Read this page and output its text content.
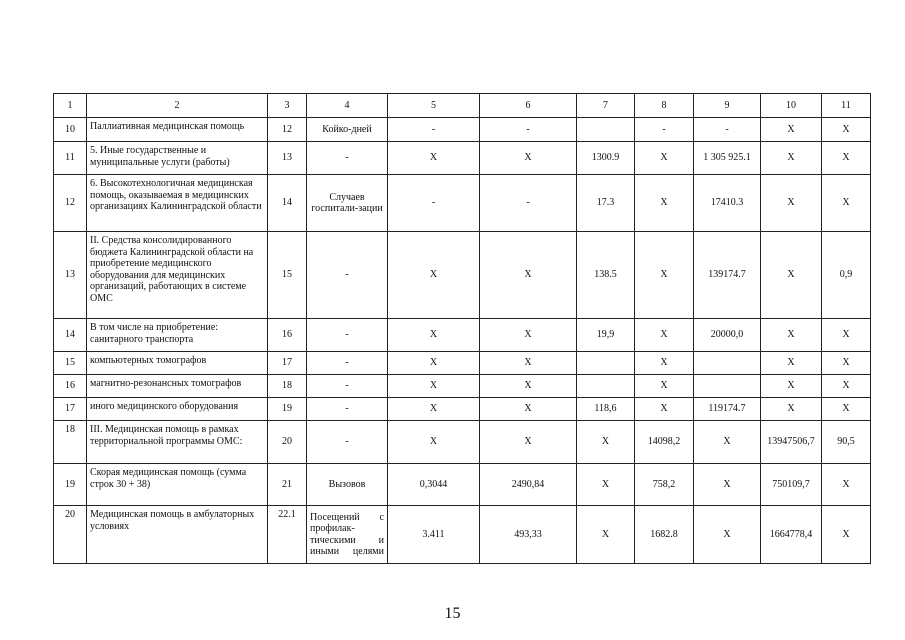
1	2	3	4	5	6	7	8	9	10	11
10	Паллиативная медицинская помощь	12	Койко-дней	-	-		-	-	X	X
11	5. Иные государственные и муниципальные услуги (работы)	13	-	X	X	1300.9	X	1 305 925.1	X	X
12	6. Высокотехнологичная медицинская помощь, оказываемая в медицинских организациях Калининградской области	14	Случаев госпитали-зации	-	-	17.3	X	17410.3	X	X
13	II. Средства консолидированного бюджета Калининградской области на приобретение медицинского оборудования для медицинских организаций, работающих в системе ОМС	15	-	X	X	138.5	X	139174.7	X	0,9
14	В том числе на приобретение: санитарного транспорта	16	-	X	X	19,9	X	20000,0	X	X
15	компьютерных томографов	17	-	X	X		X		X	X
16	магнитно-резонансных томографов	18	-	X	X		X		X	X
17	иного медицинского оборудования	19	-	X	X	118,6	X	119174.7	X	X
18	III. Медицинская помощь в рамках территориальной программы ОМС:	20	-	X	X	X	14098,2	X	13947506,7	90,5
19	Скорая медицинская помощь (сумма строк 30 + 38)	21	Вызовов	0,3044	2490,84	X	758,2	X	750109,7	X
20	Медицинская помощь в амбулаторных условиях	22.1	Посещений с профилак-тическими и иными целями	3.411	493,33	X	1682.8	X	1664778,4	X
15
